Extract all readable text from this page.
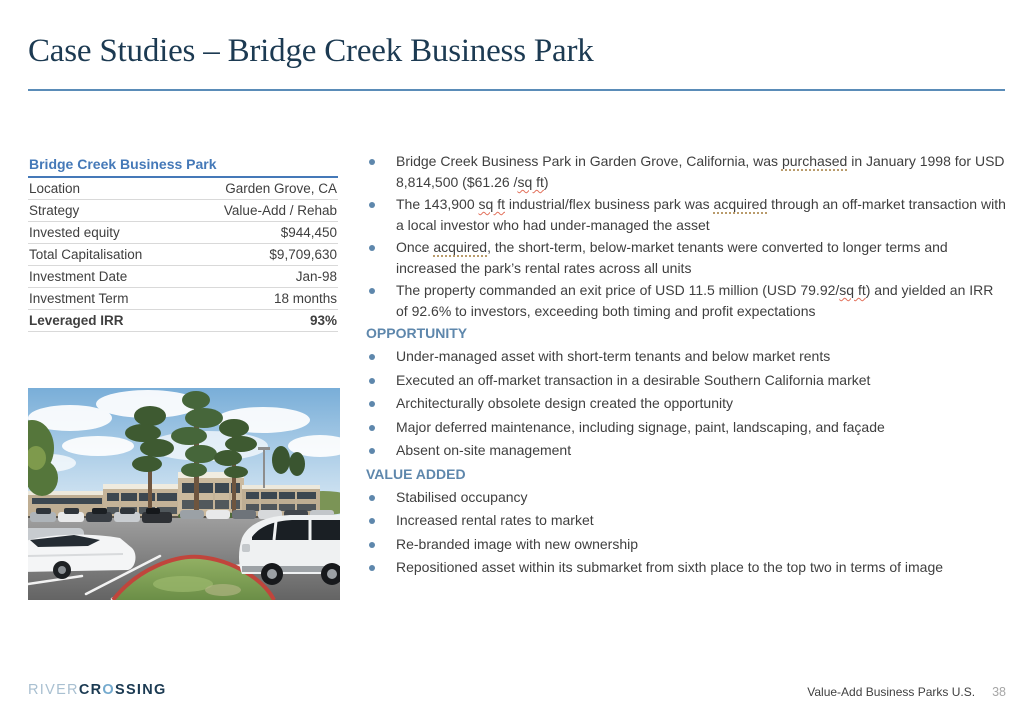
Case Studies – Bridge Creek Business Park
Bridge Creek Business Park
Location	Garden Grove, CA
Strategy	Value-Add / Rehab
Invested equity	$944,450
Total Capitalisation	$9,709,630
Investment Date	Jan-98
Investment Term	18 months
Leveraged IRR	93%
Bridge Creek Business Park in Garden Grove, California, was purchased in January 1998 for USD 8,814,500 ($61.26 /sq ft)
The 143,900 sq ft industrial/flex business park was acquired through an off-market transaction with a local investor who had under-managed the asset
Once acquired, the short-term, below-market tenants were converted to longer terms and increased the park’s rental rates across all units
The property commanded an exit price of USD 11.5 million (USD 79.92/sq ft) and yielded an IRR of 92.6% to investors, exceeding both timing and profit expectations
OPPORTUNITY
Under-managed asset with short-term tenants and below market rents
Executed an off-market transaction in a desirable Southern California market
Architecturally obsolete design created the opportunity
Major deferred maintenance, including signage, paint, landscaping, and façade
Absent on-site management
VALUE ADDED
Stabilised occupancy
Increased rental rates to market
Re-branded image with new ownership
Repositioned asset within its submarket from sixth place to the top two in terms of image
RIVERCROSSING	Value-Add Business Parks U.S. 38
